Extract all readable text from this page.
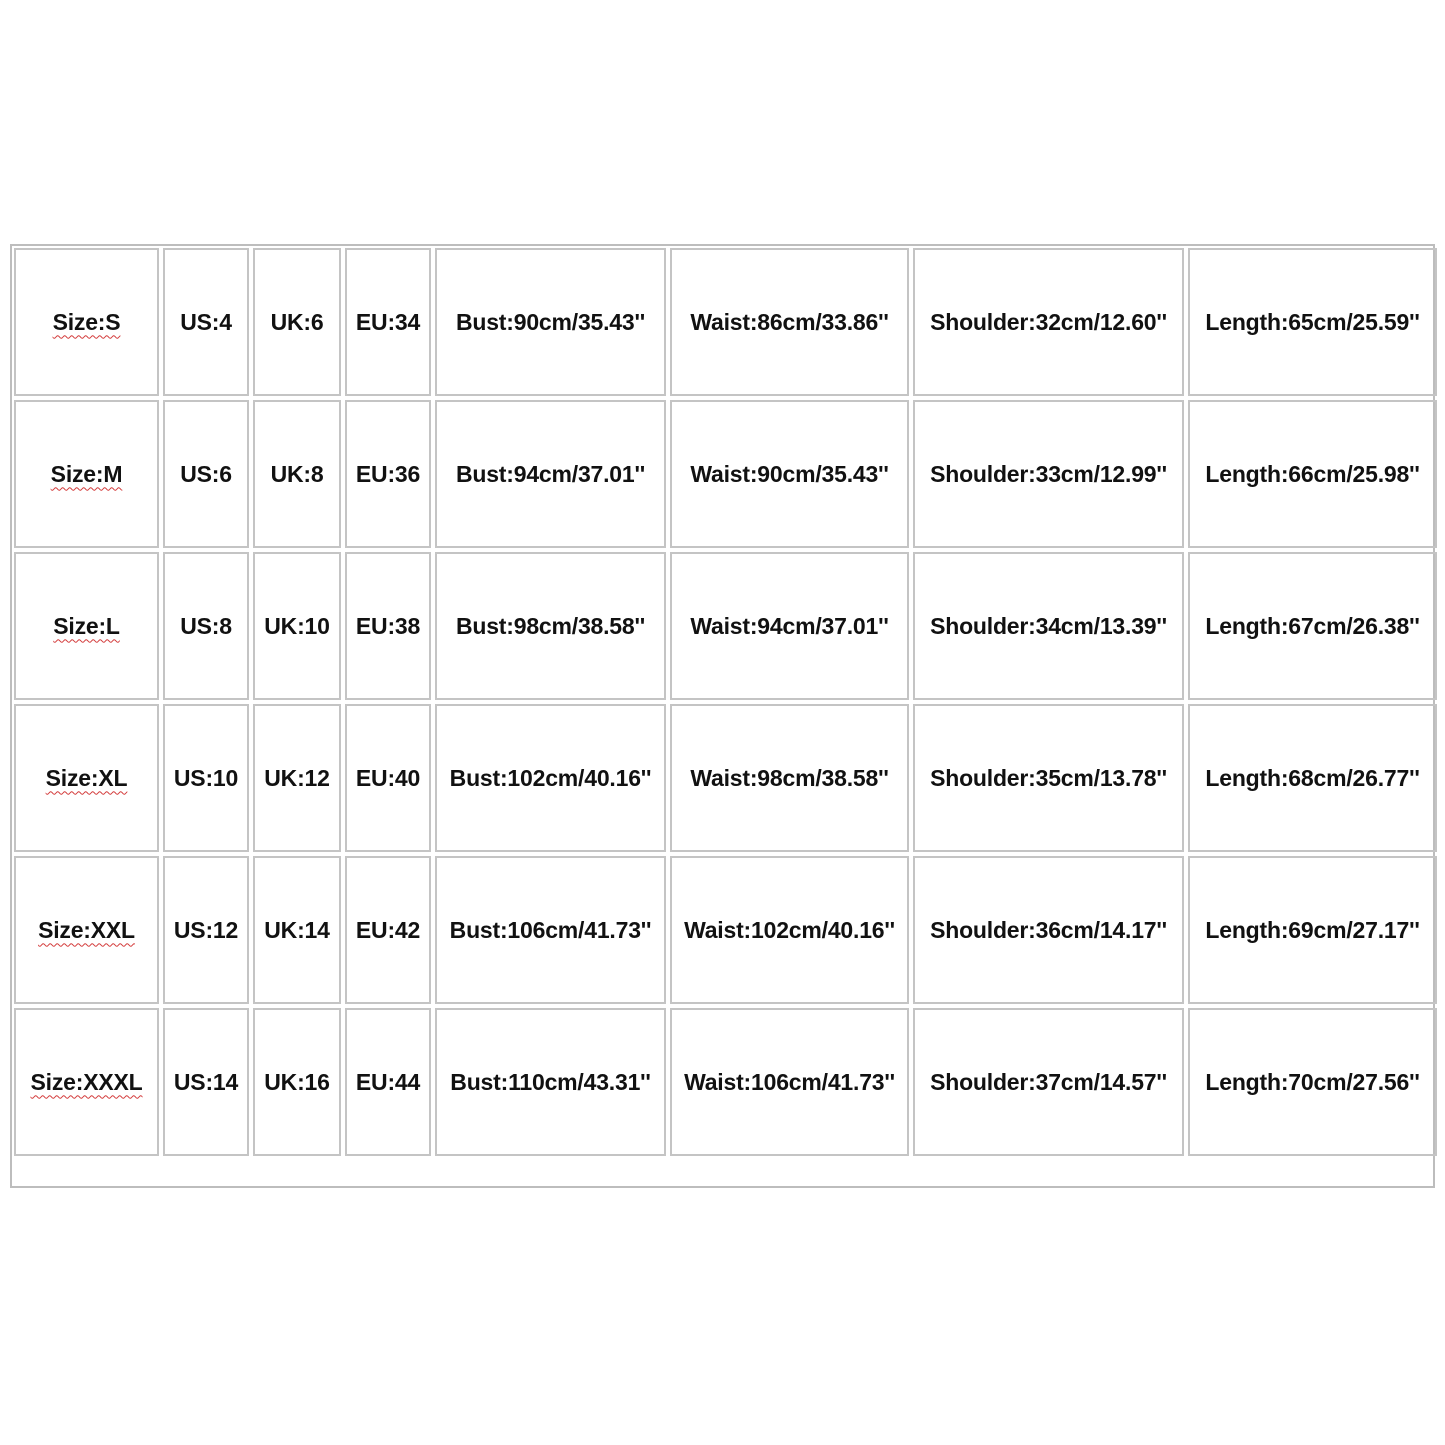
Size:S	US:4	UK:6	EU:34	Bust:90cm/35.43''	Waist:86cm/33.86''	Shoulder:32cm/12.60''	Length:65cm/25.59''
Size:M	US:6	UK:8	EU:36	Bust:94cm/37.01''	Waist:90cm/35.43''	Shoulder:33cm/12.99''	Length:66cm/25.98''
Size:L	US:8	UK:10	EU:38	Bust:98cm/38.58''	Waist:94cm/37.01''	Shoulder:34cm/13.39''	Length:67cm/26.38''
Size:XL	US:10	UK:12	EU:40	Bust:102cm/40.16''	Waist:98cm/38.58''	Shoulder:35cm/13.78''	Length:68cm/26.77''
Size:XXL	US:12	UK:14	EU:42	Bust:106cm/41.73''	Waist:102cm/40.16''	Shoulder:36cm/14.17''	Length:69cm/27.17''
Size:XXXL	US:14	UK:16	EU:44	Bust:110cm/43.31''	Waist:106cm/41.73''	Shoulder:37cm/14.57''	Length:70cm/27.56''
